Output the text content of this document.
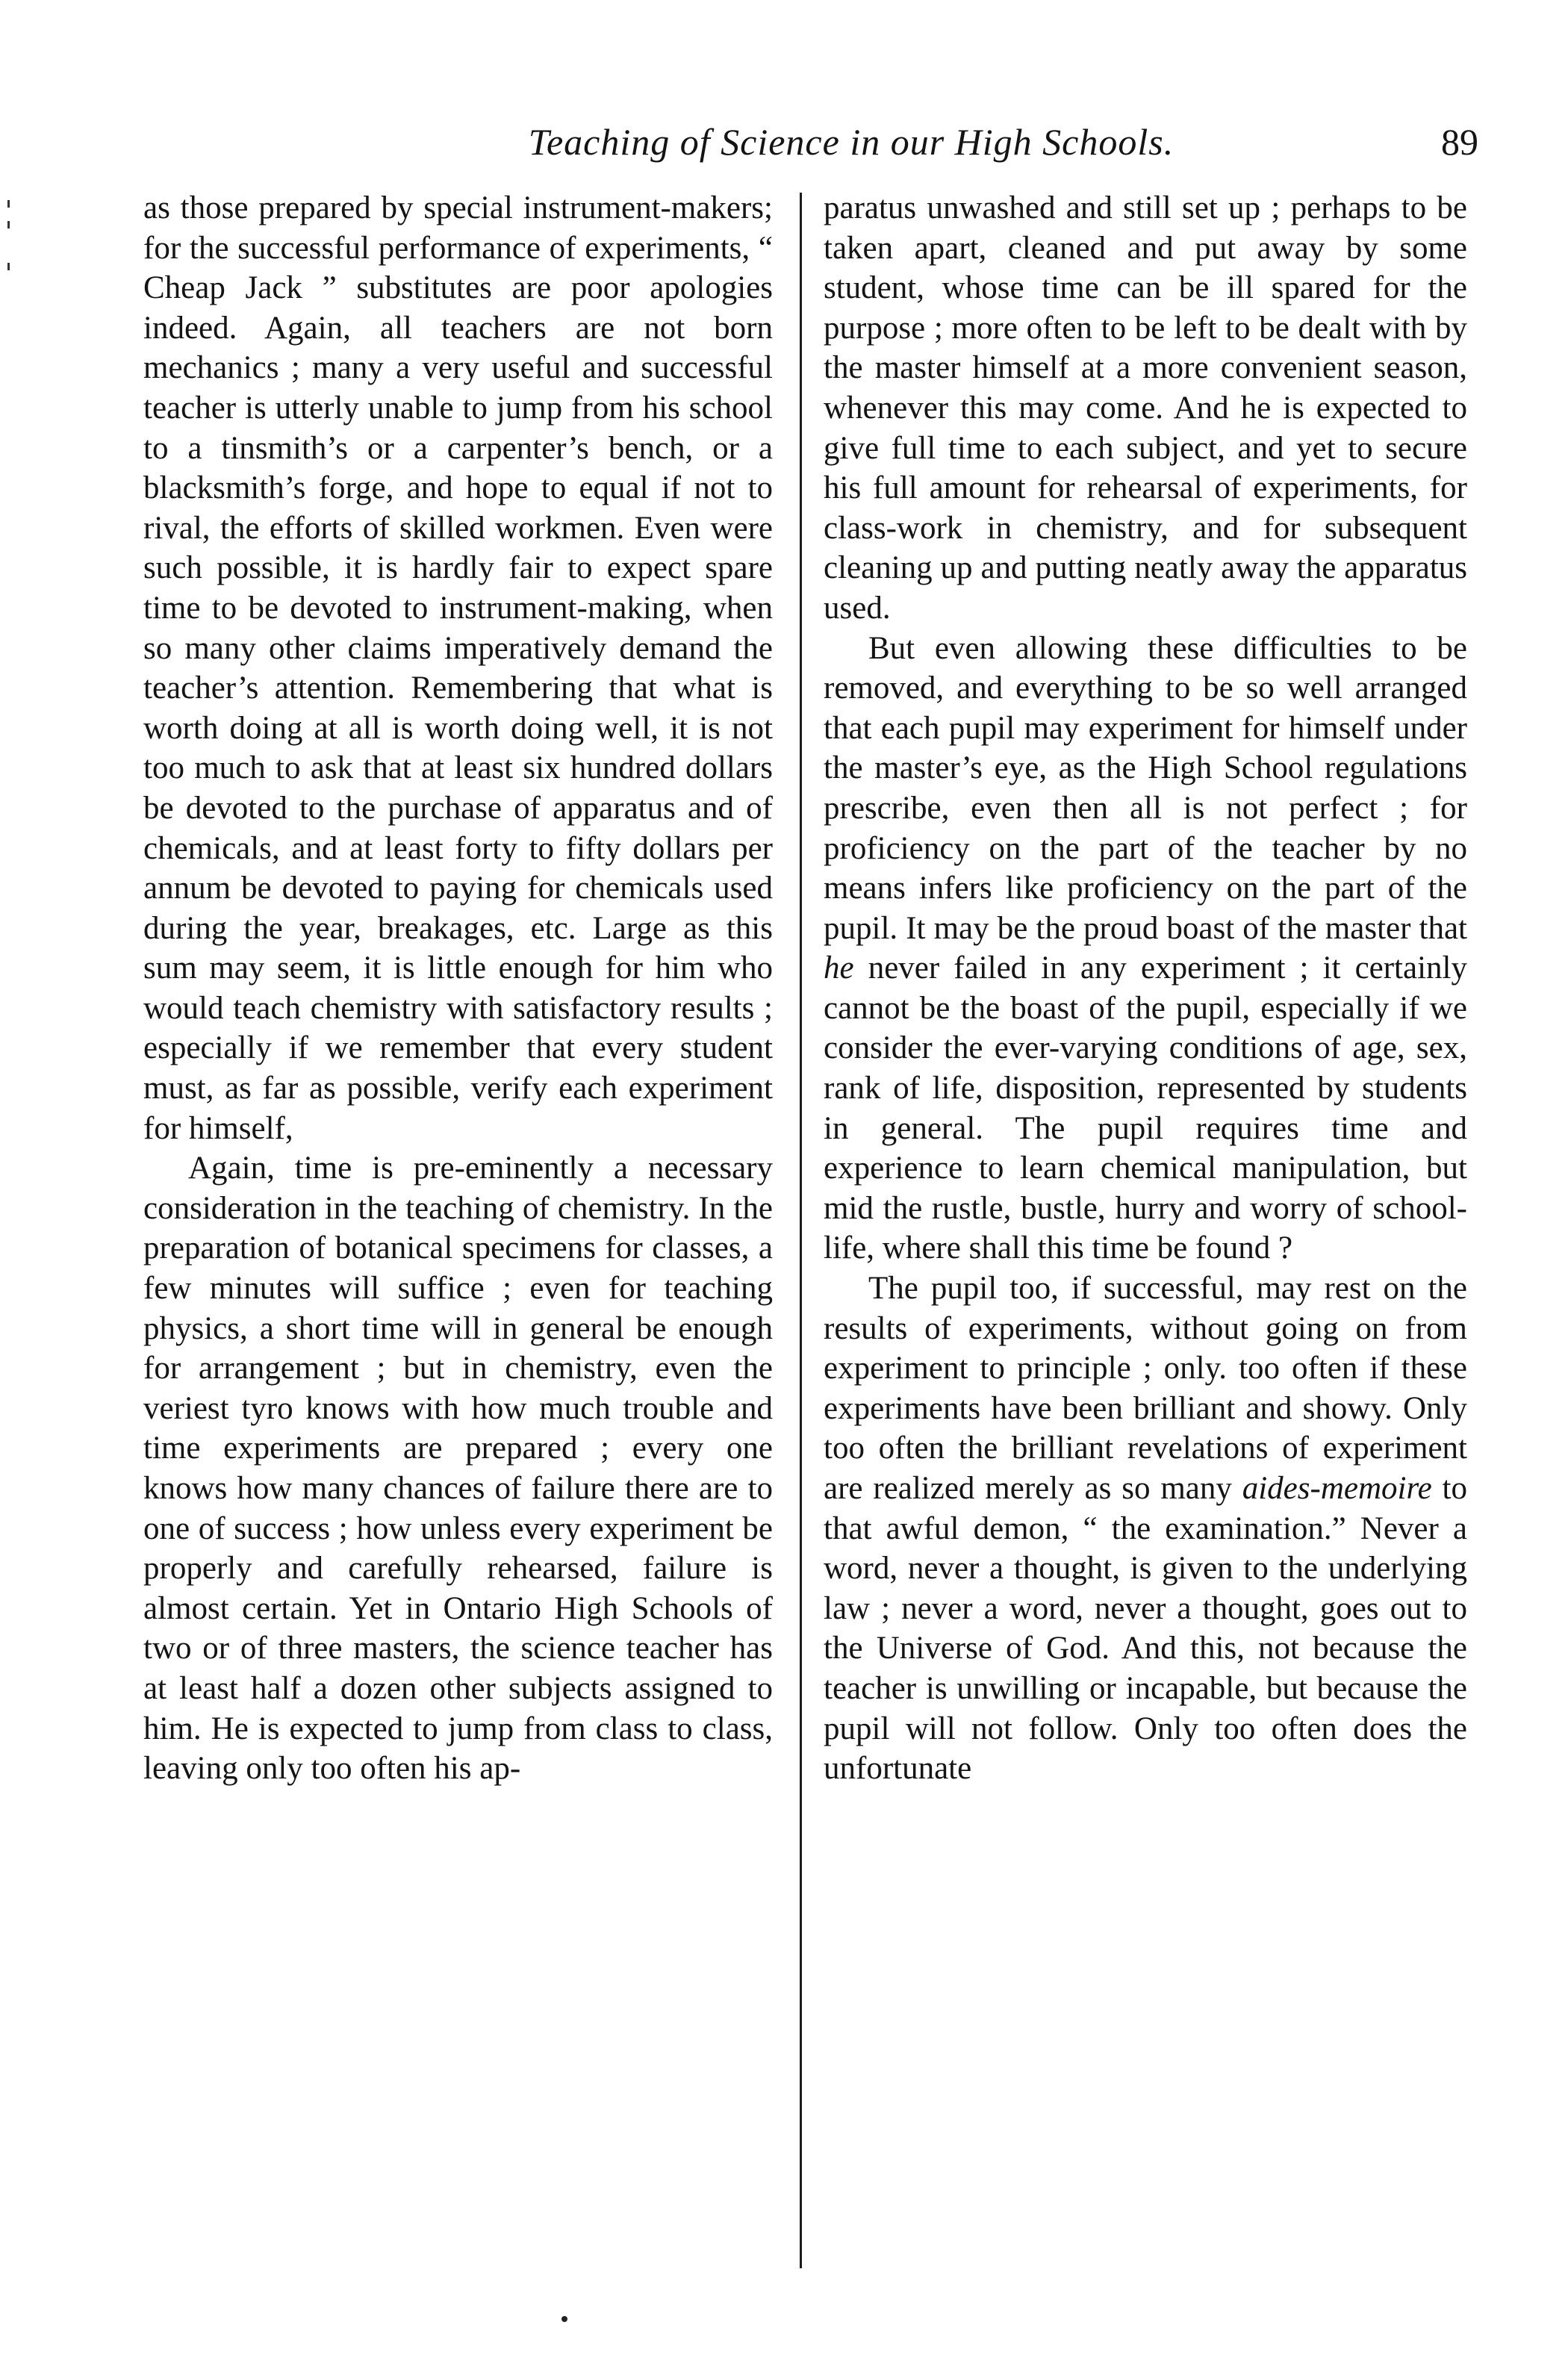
Teaching of Science in our High Schools.	89

as those prepared by special instrument-makers; for the successful performance of experiments, “ Cheap Jack ” substitutes are poor apologies indeed. Again, all teachers are not born mechanics ; many a very useful and successful teacher is utterly unable to jump from his school to a tinsmith’s or a carpenter’s bench, or a blacksmith’s forge, and hope to equal if not to rival, the efforts of skilled workmen. Even were such possible, it is hardly fair to expect spare time to be devoted to instrument-making, when so many other claims imperatively demand the teacher’s attention. Remembering that what is worth doing at all is worth doing well, it is not too much to ask that at least six hundred dollars be devoted to the purchase of apparatus and of chemicals, and at least forty to fifty dollars per annum be devoted to paying for chemicals used during the year, breakages, etc. Large as this sum may seem, it is little enough for him who would teach chemistry with satisfactory results ; especially if we remember that every student must, as far as possible, verify each experiment for himself,

Again, time is pre-eminently a necessary consideration in the teaching of chemistry. In the preparation of botanical specimens for classes, a few minutes will suffice ; even for teaching physics, a short time will in general be enough for arrangement ; but in chemistry, even the veriest tyro knows with how much trouble and time experiments are prepared ; every one knows how many chances of failure there are to one of success ; how unless every experiment be properly and carefully rehearsed, failure is almost certain. Yet in Ontario High Schools of two or of three masters, the science teacher has at least half a dozen other subjects assigned to him. He is expected to jump from class to class, leaving only too often his ap-

paratus unwashed and still set up ; perhaps to be taken apart, cleaned and put away by some student, whose time can be ill spared for the purpose ; more often to be left to be dealt with by the master himself at a more convenient season, whenever this may come. And he is expected to give full time to each subject, and yet to secure his full amount for rehearsal of experiments, for class-work in chemistry, and for subsequent cleaning up and putting neatly away the apparatus used.

But even allowing these difficulties to be removed, and everything to be so well arranged that each pupil may experiment for himself under the master’s eye, as the High School regulations prescribe, even then all is not perfect ; for proficiency on the part of the teacher by no means infers like proficiency on the part of the pupil. It may be the proud boast of the master that he never failed in any experiment ; it certainly cannot be the boast of the pupil, especially if we consider the ever-varying conditions of age, sex, rank of life, disposition, represented by students in general. The pupil requires time and experience to learn chemical manipulation, but mid the rustle, bustle, hurry and worry of school-life, where shall this time be found ?

The pupil too, if successful, may rest on the results of experiments, without going on from experiment to principle ; only. too often if these experiments have been brilliant and showy. Only too often the brilliant revelations of experiment are realized merely as so many aides-memoire to that awful demon, “ the examination.” Never a word, never a thought, is given to the underlying law ; never a word, never a thought, goes out to the Universe of God. And this, not because the teacher is unwilling or incapable, but because the pupil will not follow. Only too often does the unfortunate
